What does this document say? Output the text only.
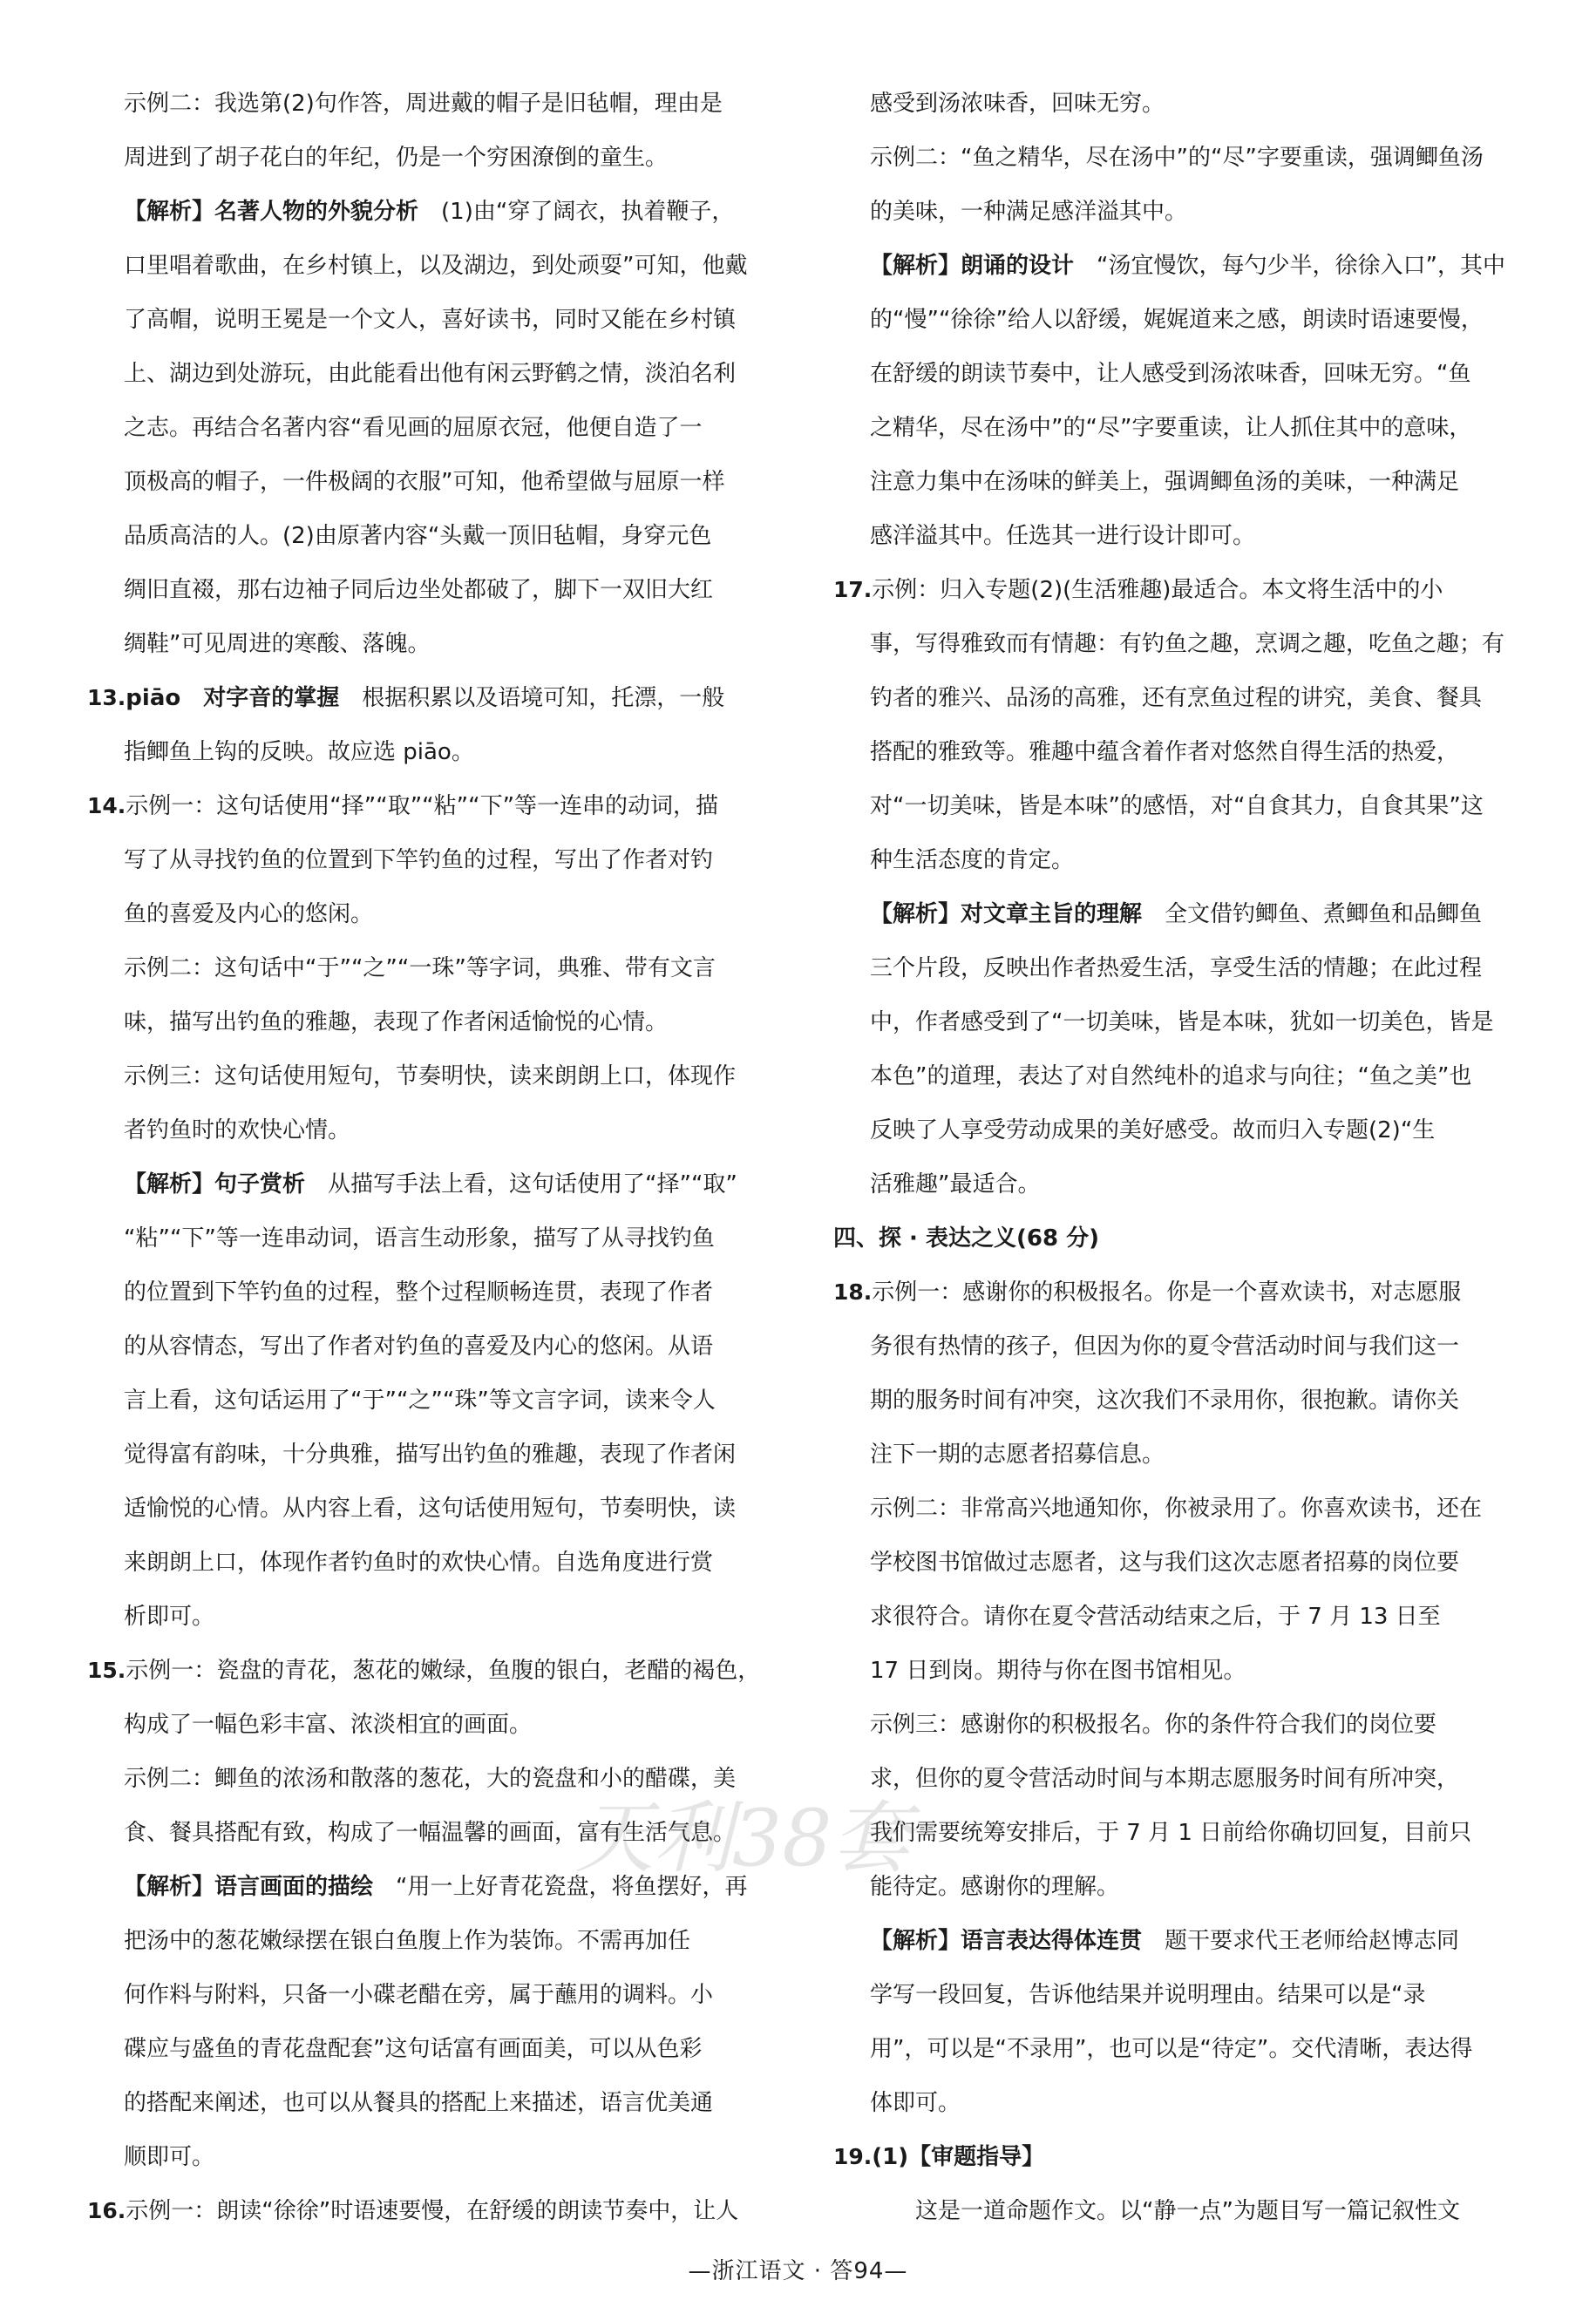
示例二：我选第(2)句作答，周进戴的帽子是旧毡帽，理由是
周进到了胡子花白的年纪，仍是一个穷困潦倒的童生。
【解析】名著人物的外貌分析　(1)由“穿了阔衣，执着鞭子，
口里唱着歌曲，在乡村镇上，以及湖边，到处顽耍”可知，他戴
了高帽，说明王冕是一个文人，喜好读书，同时又能在乡村镇
上、湖边到处游玩，由此能看出他有闲云野鹤之情，淡泊名利
之志。再结合名著内容“看见画的屈原衣冠，他便自造了一
顶极高的帽子，一件极阔的衣服”可知，他希望做与屈原一样
品质高洁的人。(2)由原著内容“头戴一顶旧毡帽，身穿元色
绸旧直裰，那右边袖子同后边坐处都破了，脚下一双旧大红
绸鞋”可见周进的寒酸、落魄。
13.piāo　对字音的掌握　根据积累以及语境可知，托漂，一般
指鲫鱼上钩的反映。故应选 piāo。
14.示例一：这句话使用“择”“取”“粘”“下”等一连串的动词，描
写了从寻找钓鱼的位置到下竿钓鱼的过程，写出了作者对钓
鱼的喜爱及内心的悠闲。
示例二：这句话中“于”“之”“一珠”等字词，典雅、带有文言
味，描写出钓鱼的雅趣，表现了作者闲适愉悦的心情。
示例三：这句话使用短句，节奏明快，读来朗朗上口，体现作
者钓鱼时的欢快心情。
【解析】句子赏析　从描写手法上看，这句话使用了“择”“取”
“粘”“下”等一连串动词，语言生动形象，描写了从寻找钓鱼
的位置到下竿钓鱼的过程，整个过程顺畅连贯，表现了作者
的从容情态，写出了作者对钓鱼的喜爱及内心的悠闲。从语
言上看，这句话运用了“于”“之”“珠”等文言字词，读来令人
觉得富有韵味，十分典雅，描写出钓鱼的雅趣，表现了作者闲
适愉悦的心情。从内容上看，这句话使用短句，节奏明快，读
来朗朗上口，体现作者钓鱼时的欢快心情。自选角度进行赏
析即可。
15.示例一：瓷盘的青花，葱花的嫩绿，鱼腹的银白，老醋的褐色，
构成了一幅色彩丰富、浓淡相宜的画面。
示例二：鲫鱼的浓汤和散落的葱花，大的瓷盘和小的醋碟，美
食、餐具搭配有致，构成了一幅温馨的画面，富有生活气息。
【解析】语言画面的描绘　“用一上好青花瓷盘，将鱼摆好，再
把汤中的葱花嫩绿摆在银白鱼腹上作为装饰。不需再加任
何作料与附料，只备一小碟老醋在旁，属于蘸用的调料。小
碟应与盛鱼的青花盘配套”这句话富有画面美，可以从色彩
的搭配来阐述，也可以从餐具的搭配上来描述，语言优美通
顺即可。
16.示例一：朗读“徐徐”时语速要慢，在舒缓的朗读节奏中，让人
感受到汤浓味香，回味无穷。
示例二：“鱼之精华，尽在汤中”的“尽”字要重读，强调鲫鱼汤
的美味，一种满足感洋溢其中。
【解析】朗诵的设计　“汤宜慢饮，每勺少半，徐徐入口”，其中
的“慢”“徐徐”给人以舒缓，娓娓道来之感，朗读时语速要慢，
在舒缓的朗读节奏中，让人感受到汤浓味香，回味无穷。“鱼
之精华，尽在汤中”的“尽”字要重读，让人抓住其中的意味，
注意力集中在汤味的鲜美上，强调鲫鱼汤的美味，一种满足
感洋溢其中。任选其一进行设计即可。
17.示例：归入专题(2)(生活雅趣)最适合。本文将生活中的小
事，写得雅致而有情趣：有钓鱼之趣，烹调之趣，吃鱼之趣；有
钓者的雅兴、品汤的高雅，还有烹鱼过程的讲究，美食、餐具
搭配的雅致等。雅趣中蕴含着作者对悠然自得生活的热爱，
对“一切美味，皆是本味”的感悟，对“自食其力，自食其果”这
种生活态度的肯定。
【解析】对文章主旨的理解　全文借钓鲫鱼、煮鲫鱼和品鲫鱼
三个片段，反映出作者热爱生活，享受生活的情趣；在此过程
中，作者感受到了“一切美味，皆是本味，犹如一切美色，皆是
本色”的道理，表达了对自然纯朴的追求与向往；“鱼之美”也
反映了人享受劳动成果的美好感受。故而归入专题(2)“生
活雅趣”最适合。
四、探 · 表达之义(68 分)
18.示例一：感谢你的积极报名。你是一个喜欢读书，对志愿服
务很有热情的孩子，但因为你的夏令营活动时间与我们这一
期的服务时间有冲突，这次我们不录用你，很抱歉。请你关
注下一期的志愿者招募信息。
示例二：非常高兴地通知你，你被录用了。你喜欢读书，还在
学校图书馆做过志愿者，这与我们这次志愿者招募的岗位要
求很符合。请你在夏令营活动结束之后，于 7 月 13 日至
17 日到岗。期待与你在图书馆相见。
示例三：感谢你的积极报名。你的条件符合我们的岗位要
求，但你的夏令营活动时间与本期志愿服务时间有所冲突，
我们需要统筹安排后，于 7 月 1 日前给你确切回复，目前只
能待定。感谢你的理解。
【解析】语言表达得体连贯　题干要求代王老师给赵博志同
学写一段回复，告诉他结果并说明理由。结果可以是“录
用”，可以是“不录用”，也可以是“待定”。交代清晰，表达得
体即可。
19.(1)【审题指导】
　　这是一道命题作文。以“静一点”为题目写一篇记叙性文
天利38套
—浙江语文 · 答94—
